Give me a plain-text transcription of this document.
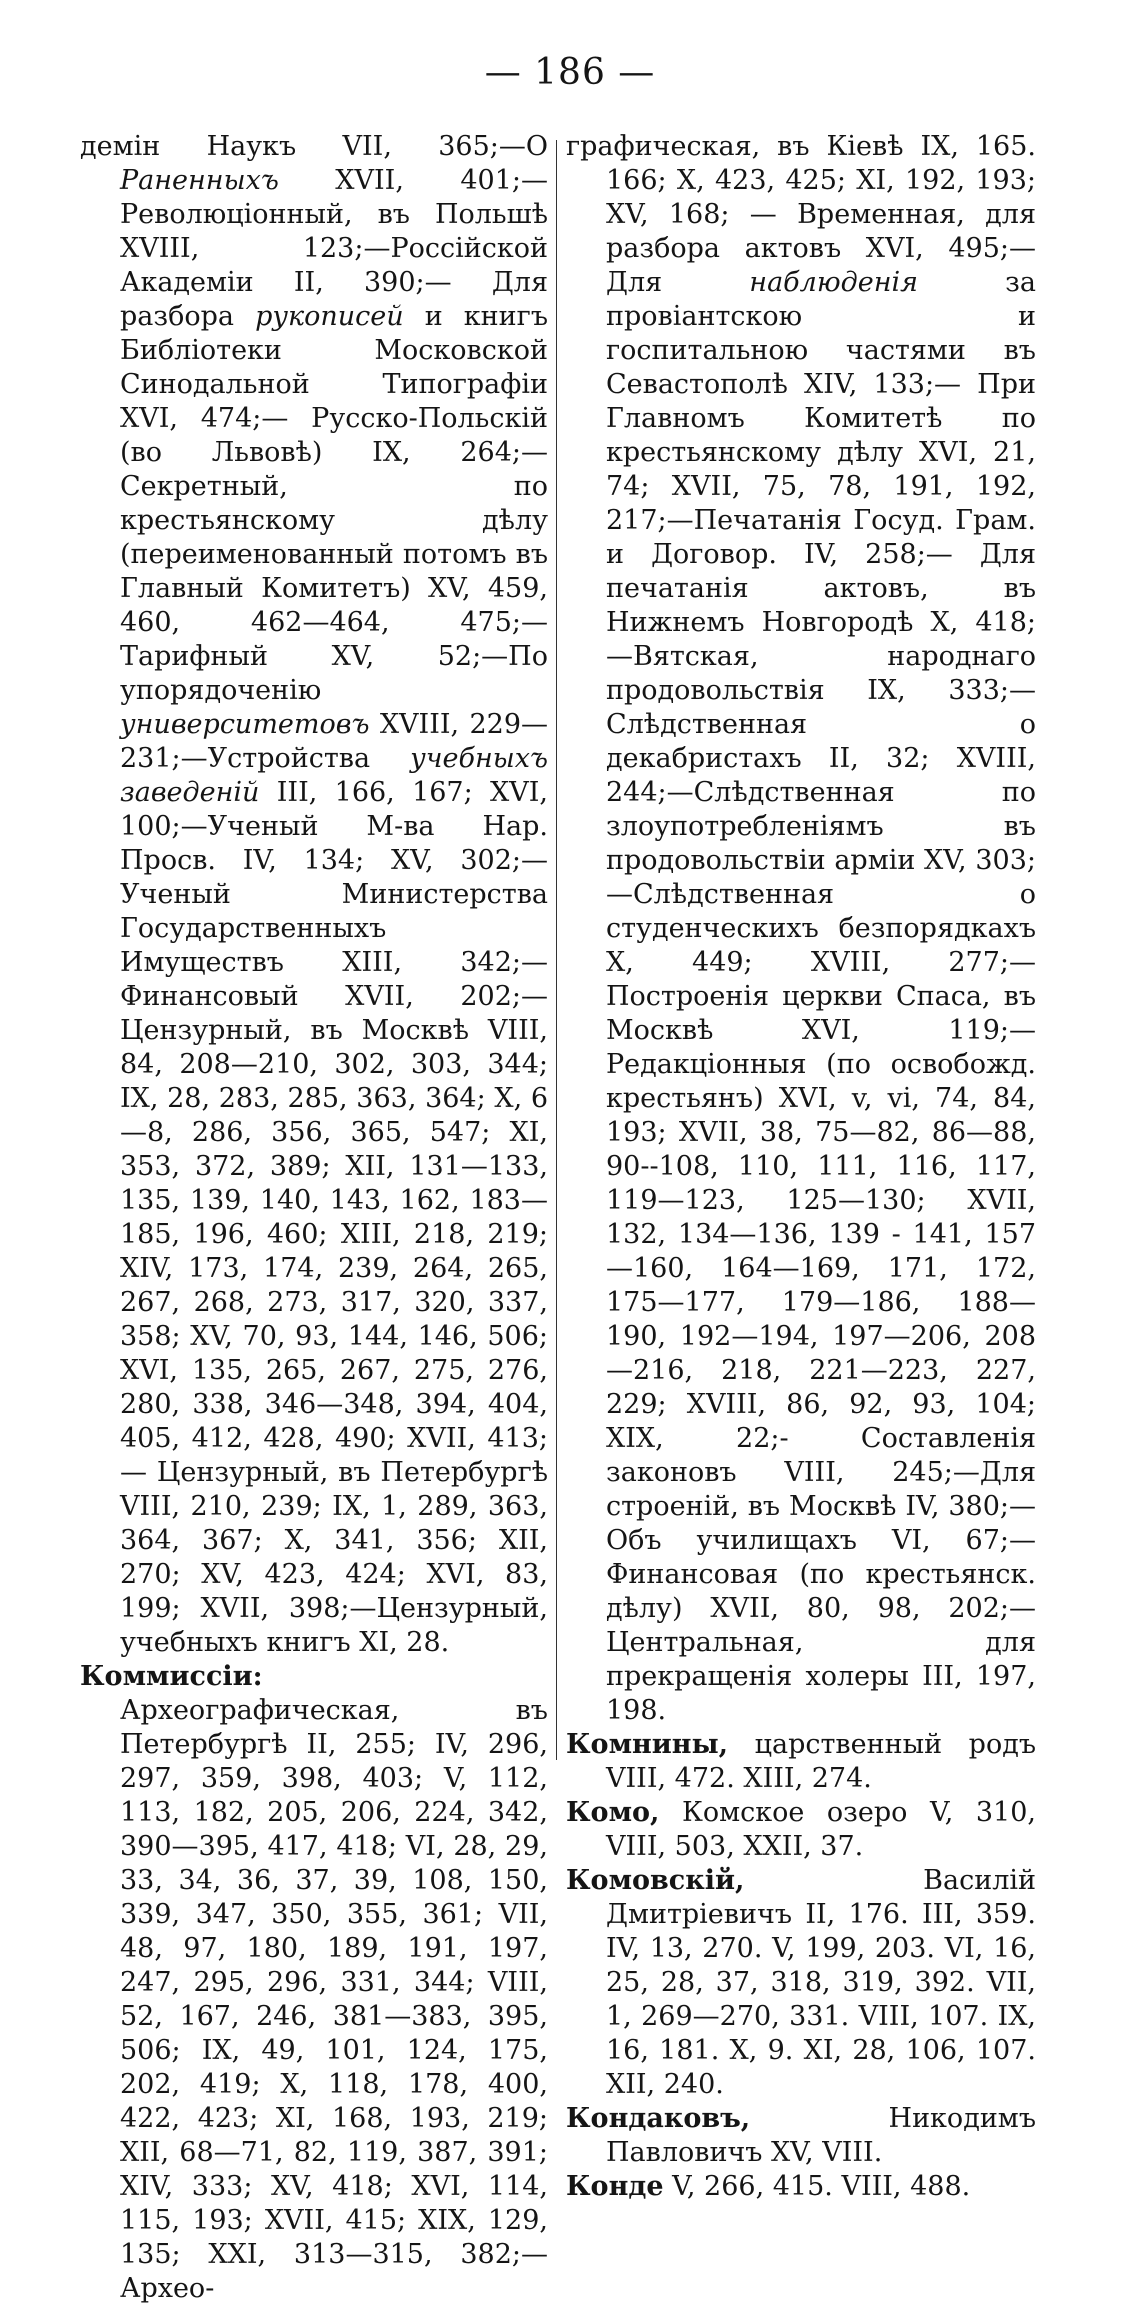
— 186 —

демін Наукъ VII, 365;—О Раненныхъ XVII, 401;—Революціонный, въ Польшѣ XVIII, 123;—Россійской Академіи II, 390;— Для разбора рукописей и книгъ Библіотеки Московской Синодальной Типографіи XVI, 474;— Русско-Польскій (во Львовѣ) IX, 264;—Секретный, по крестьянскому дѣлу (переименованный потомъ въ Главный Комитетъ) XV, 459, 460, 462—464, 475;— Тарифный XV, 52;—По упорядоченію университетовъ XVIII, 229—231;—Устройства учебныхъ заведеній III, 166, 167; XVI, 100;—Ученый М-ва Нар. Просв. IV, 134; XV, 302;—Ученый Министерства Государственныхъ Имуществъ XIII, 342;—Финансовый XVII, 202;—Цензурный, въ Москвѣ VIII, 84, 208—210, 302, 303, 344; IX, 28, 283, 285, 363, 364; X, 6—8, 286, 356, 365, 547; XI, 353, 372, 389; XII, 131—133, 135, 139, 140, 143, 162, 183—185, 196, 460; XIII, 218, 219; XIV, 173, 174, 239, 264, 265, 267, 268, 273, 317, 320, 337, 358; XV, 70, 93, 144, 146, 506; XVI, 135, 265, 267, 275, 276, 280, 338, 346—348, 394, 404, 405, 412, 428, 490; XVII, 413; — Цензурный, въ Петербургѣ VIII, 210, 239; IX, 1, 289, 363, 364, 367; X, 341, 356; XII, 270; XV, 423, 424; XVI, 83, 199; XVII, 398;—Цензурный, учебныхъ книгъ XI, 28.

Коммиссіи: Археографическая, въ Петербургѣ II, 255; IV, 296, 297, 359, 398, 403; V, 112, 113, 182, 205, 206, 224, 342, 390—395, 417, 418; VI, 28, 29, 33, 34, 36, 37, 39, 108, 150, 339, 347, 350, 355, 361; VII, 48, 97, 180, 189, 191, 197, 247, 295, 296, 331, 344; VIII, 52, 167, 246, 381—383, 395, 506; IX, 49, 101, 124, 175, 202, 419; X, 118, 178, 400, 422, 423; XI, 168, 193, 219; XII, 68—71, 82, 119, 387, 391; XIV, 333; XV, 418; XVI, 114, 115, 193; XVII, 415; XIX, 129, 135; XXI, 313—315, 382;—Архео-

графическая, въ Кіевѣ IX, 165. 166; X, 423, 425; XI, 192, 193; XV, 168; — Временная, для разбора актовъ XVI, 495;—Для наблюденія за провіантскою и госпитальною частями въ Севастополѣ XIV, 133;— При Главномъ Комитетѣ по крестьянскому дѣлу XVI, 21, 74; XVII, 75, 78, 191, 192, 217;—Печатанія Госуд. Грам. и Договор. IV, 258;— Для печатанія актовъ, въ Нижнемъ Новгородѣ X, 418;—Вятская, народнаго продовольствія IX, 333;— Слѣдственная о декабристахъ II, 32; XVIII, 244;—Слѣдственная по злоупотребленіямъ въ продовольствіи арміи XV, 303;—Слѣдственная о студенческихъ безпорядкахъ X, 449; XVIII, 277;—Построенія церкви Спаса, въ Москвѣ XVI, 119;—Редакціонныя (по освобожд. крестьянъ) XVI, v, vi, 74, 84, 193; XVII, 38, 75—82, 86—88, 90--108, 110, 111, 116, 117, 119—123, 125—130; XVII, 132, 134—136, 139 - 141, 157—160, 164—169, 171, 172, 175—177, 179—186, 188—190, 192—194, 197—206, 208—216, 218, 221—223, 227, 229; XVIII, 86, 92, 93, 104; XIX, 22;- Составленія законовъ VIII, 245;—Для строеній, въ Москвѣ IV, 380;—Объ училищахъ VI, 67;—Финансовая (по крестьянск. дѣлу) XVII, 80, 98, 202;—Центральная, для прекращенія холеры III, 197, 198.

Комнины, царственный родъ VIII, 472. XIII, 274.

Комо, Комское озеро V, 310, VIII, 503, XXII, 37.

Комовскій, Василій Дмитріевичъ II, 176. III, 359. IV, 13, 270. V, 199, 203. VI, 16, 25, 28, 37, 318, 319, 392. VII, 1, 269—270, 331. VIII, 107. IX, 16, 181. X, 9. XI, 28, 106, 107. XII, 240.

Кондаковъ, Никодимъ Павловичъ XV, VIII.

Конде V, 266, 415. VIII, 488.
